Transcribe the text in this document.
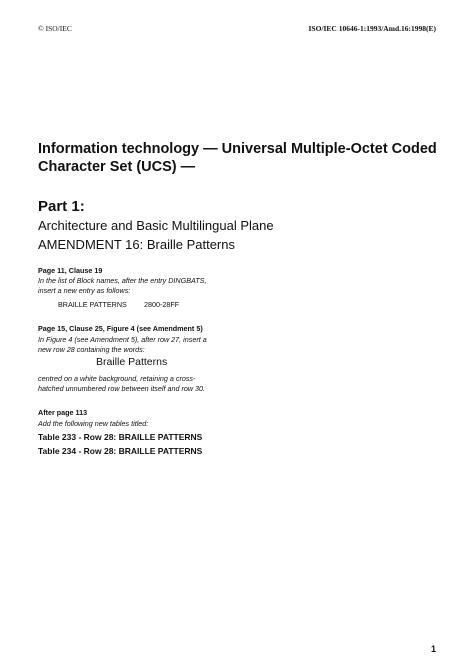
© ISO/IEC	ISO/IEC 10646-1:1993/Amd.16:1998(E)
Information technology — Universal Multiple-Octet Coded
Character Set (UCS) —
Part 1:
Architecture and Basic Multilingual Plane
AMENDMENT 16: Braille Patterns
Page 11, Clause 19
In the list of Block names, after the entry DINGBATS,
insert a new entry as follows:
BRAILLE PATTERNS 2800-28FF
Page 15, Clause 25, Figure 4 (see Amendment 5)
In Figure 4 (see Amendment 5), after row 27, insert a
new row 28 containing the words:
Braille Patterns
centred on a white background, retaining a cross-
hatched unnumbered row between itself and row 30.
After page 113
Add the following new tables titled:
Table 233 - Row 28: BRAILLE PATTERNS
Table 234 - Row 28: BRAILLE PATTERNS
1
